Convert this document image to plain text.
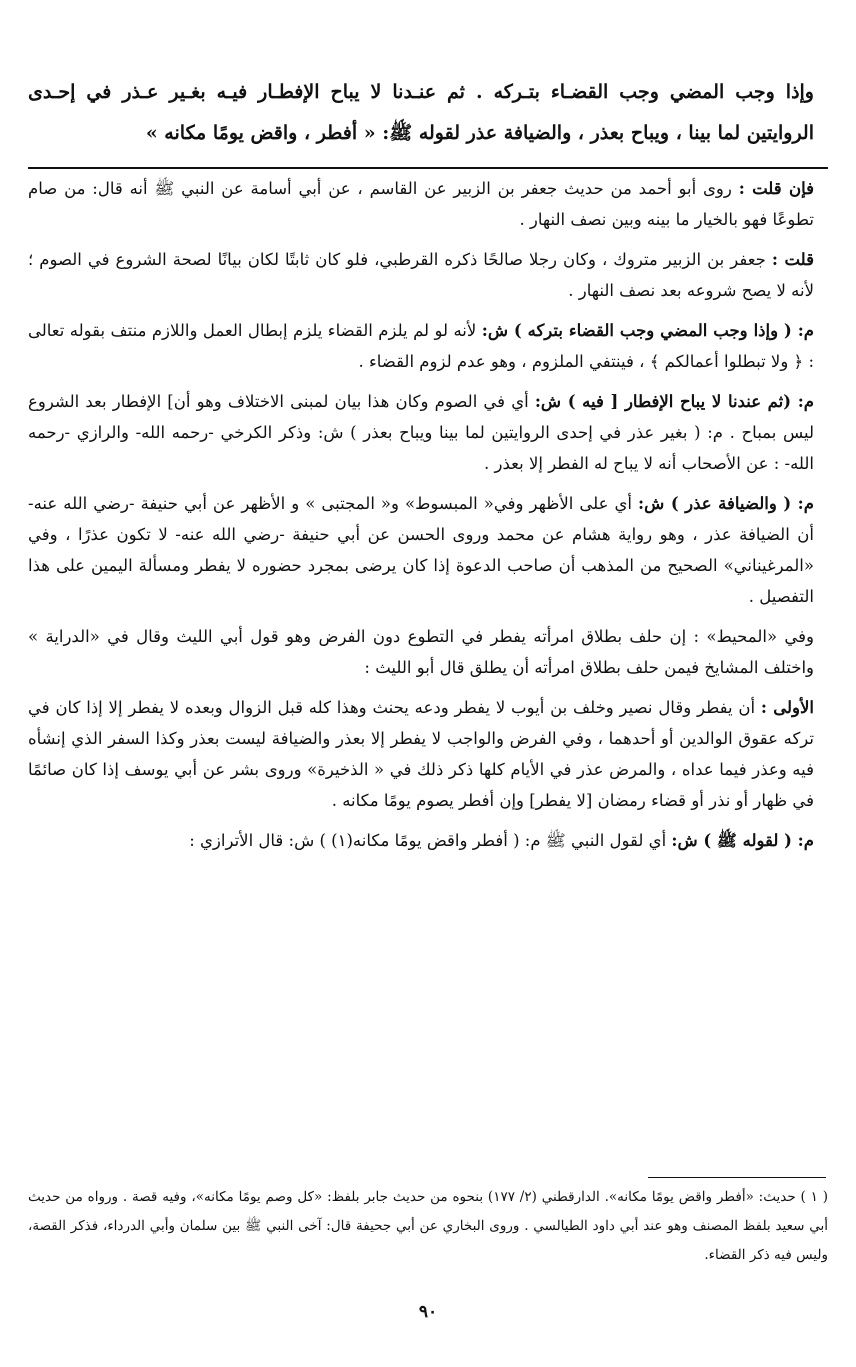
وإذا وجب المضي وجب القضـاء بتـركه . ثم عنـدنا لا يباح الإفطـار فيـه بغـير عـذر في إحـدى الروايتين لما بينا ، ويباح بعذر ، والضيافة عذر لقوله ﷺ: « أفطر ، واقض يومًا مكانه »

فإن قلت : روى أبو أحمد من حديث جعفر بن الزبير عن القاسم ، عن أبي أسامة عن النبي ﷺ أنه قال: من صام تطوعًا فهو بالخيار ما بينه وبين نصف النهار .

قلت : جعفر بن الزبير متروك ، وكان رجلا صالحًا ذكره القرطبي، فلو كان ثابتًا لكان بيانًا لصحة الشروع في الصوم ؛ لأنه لا يصح شروعه بعد نصف النهار .

م: ( وإذا وجب المضي وجب القضاء بتركه ) ش: لأنه لو لم يلزم القضاء يلزم إبطال العمل واللازم منتف بقوله تعالى : ﴿ ولا تبطلوا أعمالكم ﴾ ، فينتفي الملزوم ، وهو عدم لزوم القضاء .

م: (ثم عندنا لا يباح الإفطار [ فيه ) ش: أي في الصوم وكان هذا بيان لمبنى الاختلاف وهو أن] الإفطار بعد الشروع ليس بمباح . م: ( بغير عذر في إحدى الروايتين لما بينا ويباح بعذر ) ش: وذكر الكرخي -رحمه الله- والرازي -رحمه الله- : عن الأصحاب أنه لا يباح له الفطر إلا بعذر .

م: ( والضيافة عذر ) ش: أي على الأظهر وفي« المبسوط» و« المجتبى » و الأظهر عن أبي حنيفة -رضي الله عنه- أن الضيافة عذر ، وهو رواية هشام عن محمد وروى الحسن عن أبي حنيفة -رضي الله عنه- لا تكون عذرًا ، وفي «المرغيناني» الصحيح من المذهب أن صاحب الدعوة إذا كان يرضى بمجرد حضوره لا يفطر ومسألة اليمين على هذا التفصيل .

وفي «المحيط» : إن حلف بطلاق امرأته يفطر في التطوع دون الفرض وهو قول أبي الليث وقال في «الدراية » واختلف المشايخ فيمن حلف بطلاق امرأته أن يطلق قال أبو الليث :

الأولى : أن يفطر وقال نصير وخلف بن أيوب لا يفطر ودعه يحنث وهذا كله قبل الزوال وبعده لا يفطر إلا إذا كان في تركه عقوق الوالدين أو أحدهما ، وفي الفرض والواجب لا يفطر إلا بعذر والضيافة ليست بعذر وكذا السفر الذي إنشأه فيه وعذر فيما عداه ، والمرض عذر في الأيام كلها ذكر ذلك في « الذخيرة» وروى بشر عن أبي يوسف إذا كان صائمًا في ظهار أو نذر أو قضاء رمضان [لا يفطر] وإن أفطر يصوم يومًا مكانه .

م: ( لقوله ﷺ ) ش: أي لقول النبي ﷺ م: ( أفطر واقض يومًا مكانه(١) ) ش: قال الأترازي :

( ١ ) حديث: «أفطر واقض يومًا مكانه». الدارقطني (٢/ ١٧٧) بنحوه من حديث جابر بلفظ: «كل وصم يومًا مكانه»، وفيه قصة . ورواه من حديث أبي سعيد بلفظ المصنف وهو عند أبي داود الطيالسي . وروى البخاري عن أبي جحيفة قال: آخى النبي ﷺ بين سلمان وأبي الدرداء، فذكر القصة، وليس فيه ذكر القضاء.
٩٠
